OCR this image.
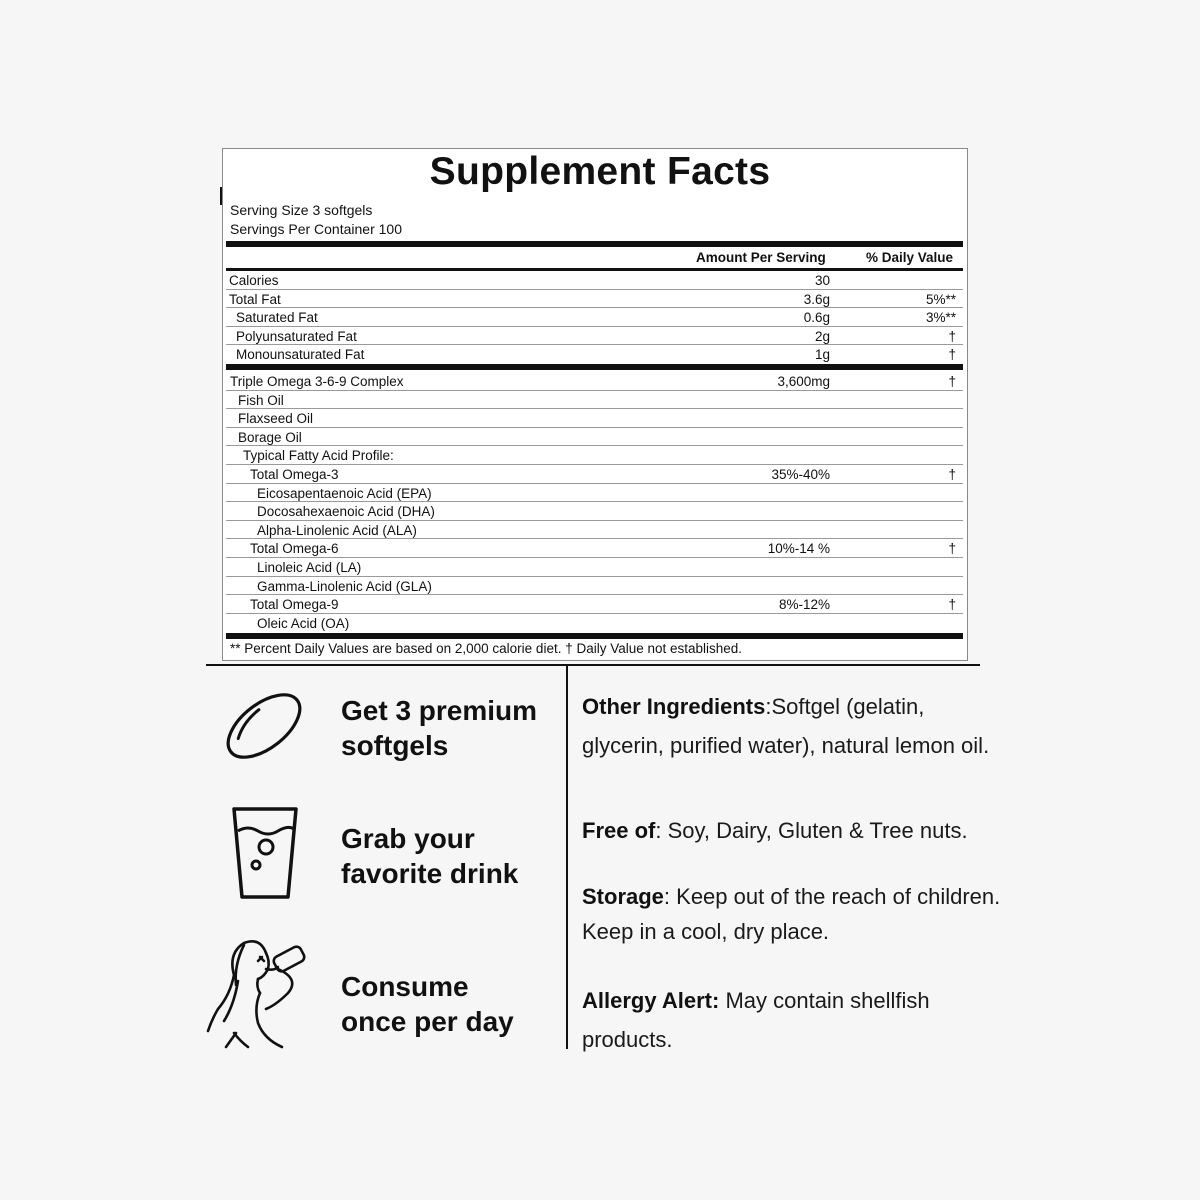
Supplement Facts
Serving Size 3 softgels
Servings Per Container 100
Amount Per Serving	% Daily Value
Calories	30
Total Fat	3.6g	5%**
Saturated Fat	0.6g	3%**
Polyunsaturated Fat	2g	†
Monounsaturated Fat	1g	†
Triple Omega 3-6-9 Complex	3,600mg	†
Fish Oil
Flaxseed Oil
Borage Oil
Typical Fatty Acid Profile:
Total Omega-3	35%-40%	†
Eicosapentaenoic Acid (EPA)
Docosahexaenoic Acid (DHA)
Alpha-Linolenic Acid (ALA)
Total Omega-6	10%-14 %	†
Linoleic Acid (LA)
Gamma-Linolenic Acid (GLA)
Total Omega-9	8%-12%	†
Oleic Acid (OA)
** Percent Daily Values are based on 2,000 calorie diet. † Daily Value not established.
Get 3 premium
softgels
Grab your
favorite drink
Consume
once per day
Other Ingredients:Softgel (gelatin, glycerin, purified water), natural lemon oil.
Free of: Soy, Dairy, Gluten & Tree nuts.
Storage: Keep out of the reach of children. Keep in a cool, dry place.
Allergy Alert: May contain shellfish products.
